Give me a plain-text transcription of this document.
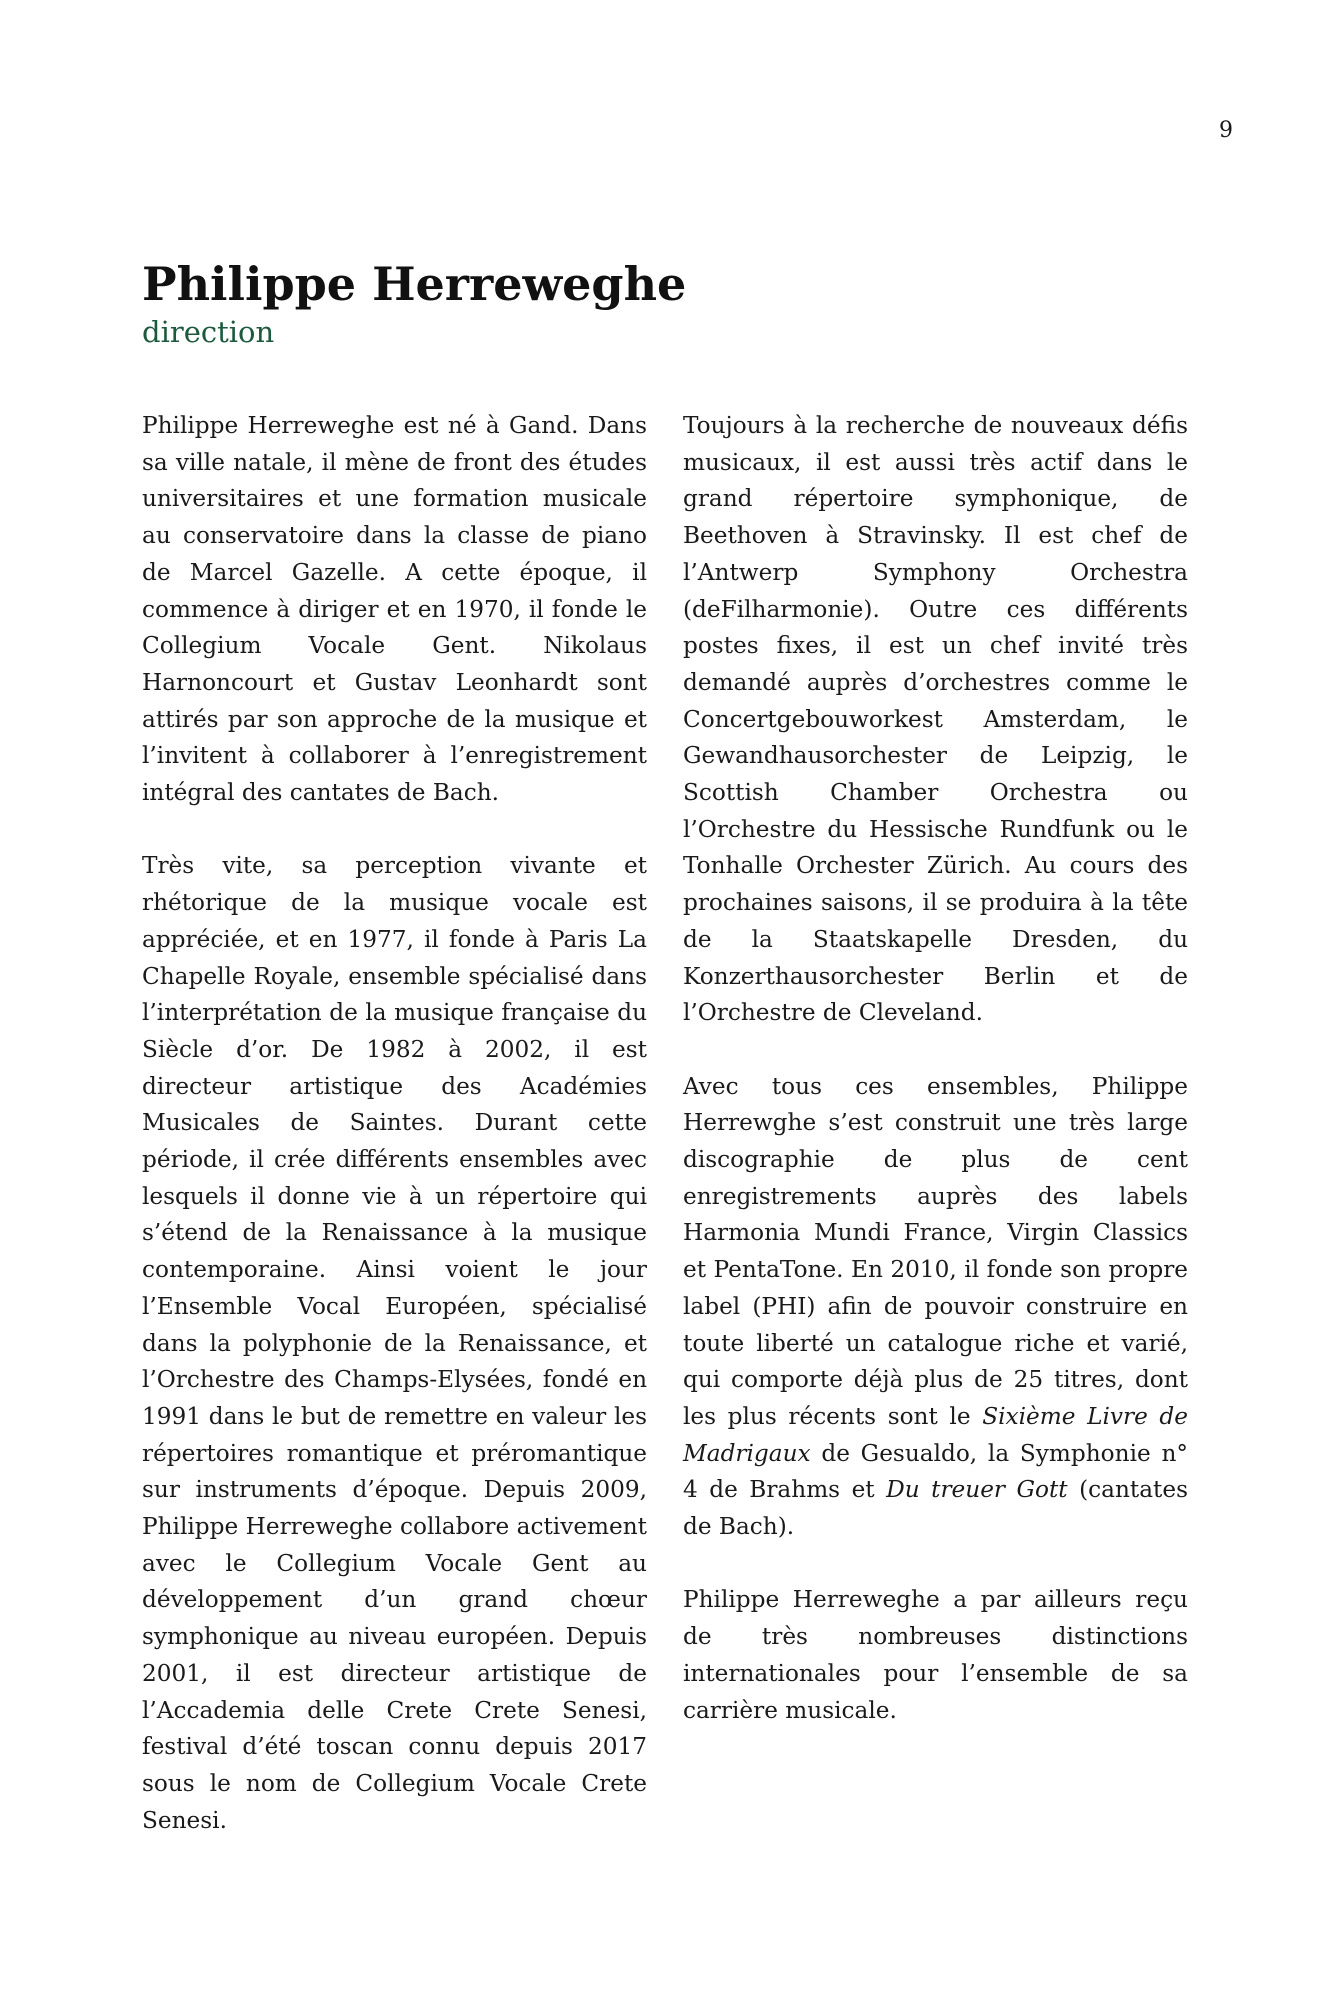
9
Philippe Herreweghe

direction

Philippe Herreweghe est né à Gand. Dans sa ville natale, il mène de front des études universitaires et une formation musicale au conservatoire dans la classe de piano de Marcel Gazelle. A cette époque, il commence à diriger et en 1970, il fonde le Collegium Vocale Gent. Nikolaus Harnoncourt et Gustav Leonhardt sont attirés par son approche de la musique et l’invitent à collaborer à l’enregistrement intégral des cantates de Bach.

Très vite, sa perception vivante et rhétorique de la musique vocale est appréciée, et en 1977, il fonde à Paris La Chapelle Royale, ensemble spécialisé dans l’interprétation de la musique française du Siècle d’or. De 1982 à 2002, il est directeur artistique des Académies Musicales de Saintes. Durant cette période, il crée différents ensembles avec lesquels il donne vie à un répertoire qui s’étend de la Renaissance à la musique contemporaine. Ainsi voient le jour l’Ensemble Vocal Européen, spécialisé dans la polyphonie de la Renaissance, et l’Orchestre des Champs-Elysées, fondé en 1991 dans le but de remettre en valeur les répertoires romantique et préromantique sur instruments d’époque. Depuis 2009, Philippe Herreweghe collabore activement avec le Collegium Vocale Gent au développement d’un grand chœur symphonique au niveau européen. Depuis 2001, il est directeur artistique de l’Accademia delle Crete Crete Senesi, festival d’été toscan connu depuis 2017 sous le nom de Collegium Vocale Crete Senesi.

Toujours à la recherche de nouveaux défis musicaux, il est aussi très actif dans le grand répertoire symphonique, de Beethoven à Stravinsky. Il est chef de l’Antwerp Symphony Orchestra (deFilharmonie). Outre ces différents postes fixes, il est un chef invité très demandé auprès d’orchestres comme le Concertgebouworkest Amsterdam, le Gewandhausorchester de Leipzig, le Scottish Chamber Orchestra ou l’Orchestre du Hessische Rundfunk ou le Tonhalle Orchester Zürich. Au cours des prochaines saisons, il se produira à la tête de la Staatskapelle Dresden, du Konzerthausorchester Berlin et de l’Orchestre de Cleveland.

Avec tous ces ensembles, Philippe Herrewghe s’est construit une très large discographie de plus de cent enregistrements auprès des labels Harmonia Mundi France, Virgin Classics et PentaTone. En 2010, il fonde son propre label (PHI) afin de pouvoir construire en toute liberté un catalogue riche et varié, qui comporte déjà plus de 25 titres, dont les plus récents sont le Sixième Livre de Madrigaux de Gesualdo, la Symphonie n° 4 de Brahms et Du treuer Gott (cantates de Bach).

Philippe Herreweghe a par ailleurs reçu de très nombreuses distinctions internationales pour l’ensemble de sa carrière musicale.
